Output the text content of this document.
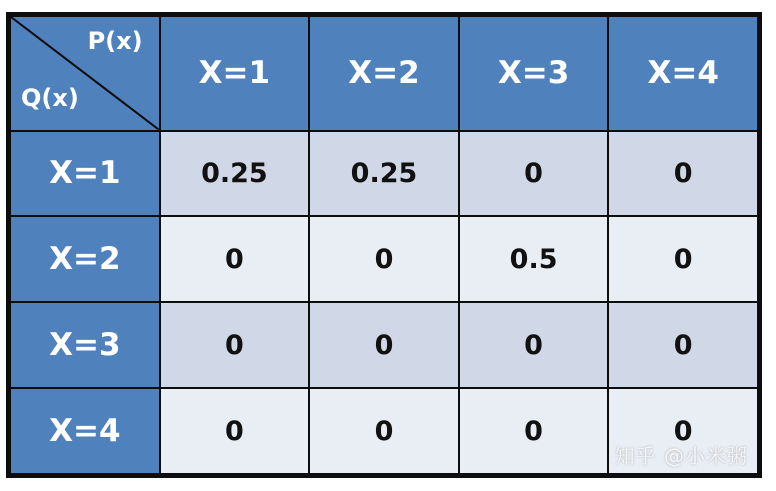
P(x)
Q(x)	X=1	X=2	X=3	X=4
X=1	0.25	0.25	0	0
X=2	0	0	0.5	0
X=3	0	0	0	0
X=4	0	0	0	0
知乎 @小米粥
